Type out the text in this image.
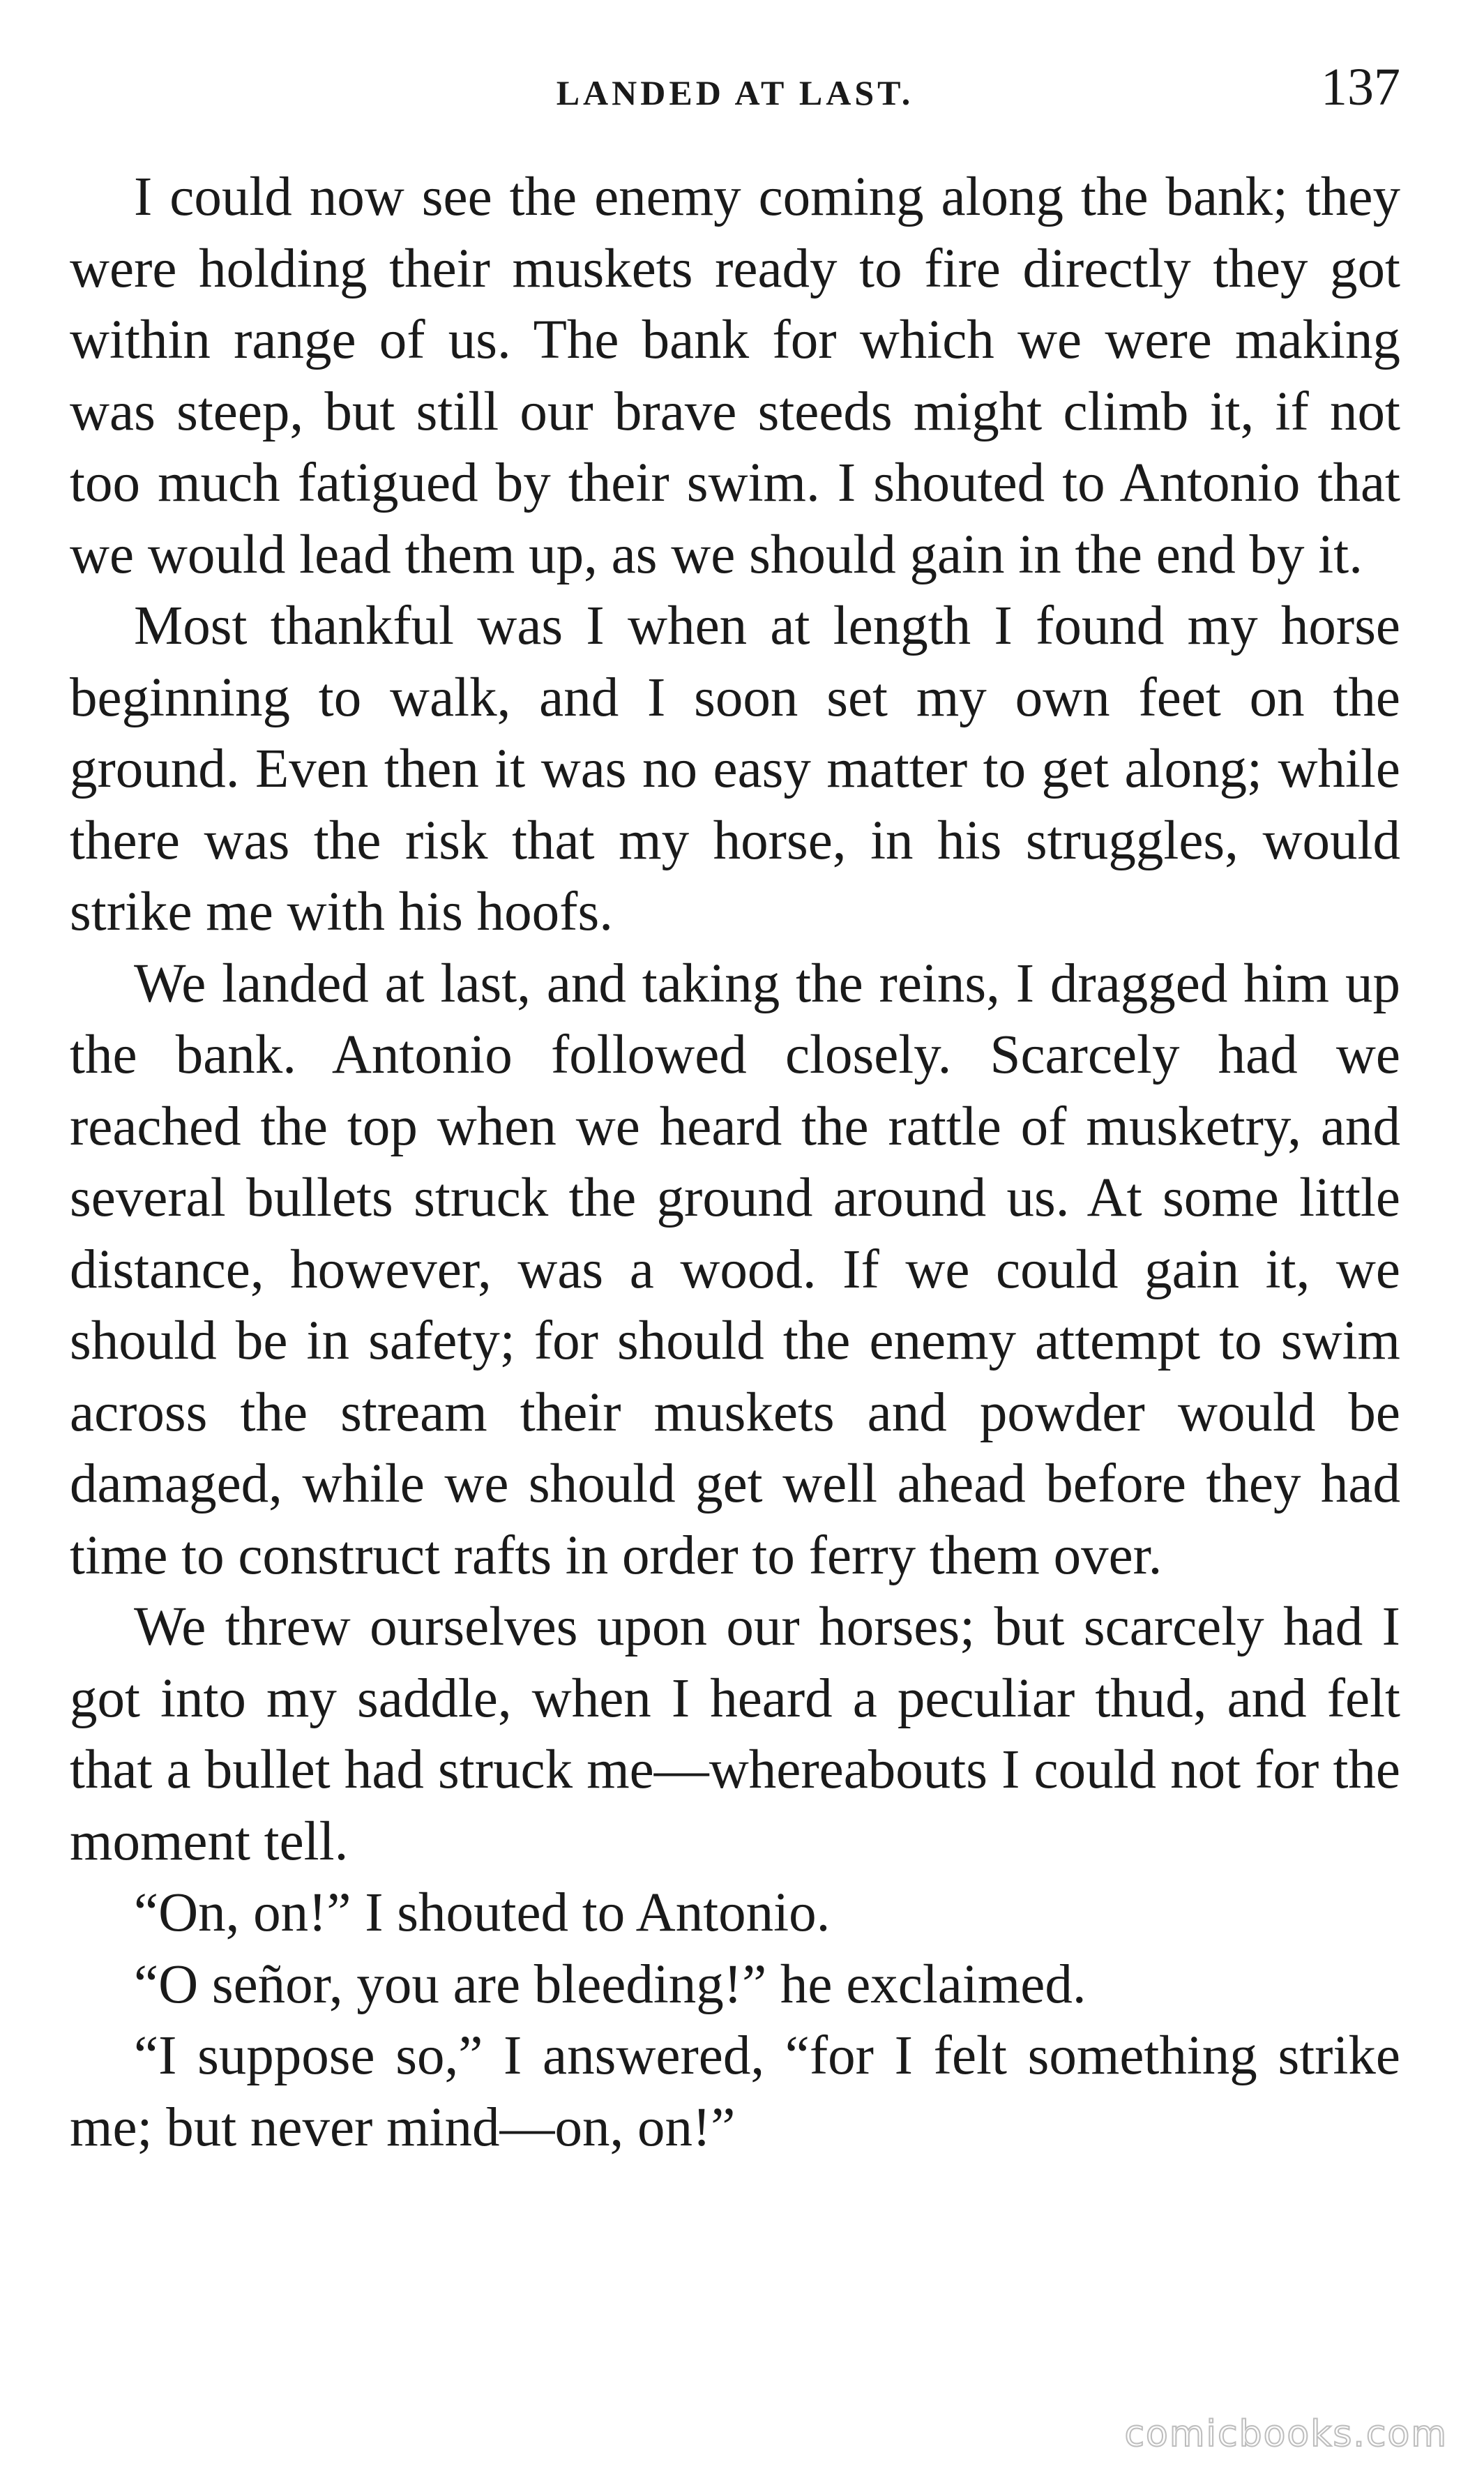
LANDED AT LAST.	137

I could now see the enemy coming along the bank; they were holding their muskets ready to fire directly they got within range of us. The bank for which we were making was steep, but still our brave steeds might climb it, if not too much fatigued by their swim. I shouted to Antonio that we would lead them up, as we should gain in the end by it.

Most thankful was I when at length I found my horse beginning to walk, and I soon set my own feet on the ground. Even then it was no easy matter to get along; while there was the risk that my horse, in his struggles, would strike me with his hoofs.

We landed at last, and taking the reins, I dragged him up the bank. Antonio followed closely. Scarcely had we reached the top when we heard the rattle of musketry, and several bullets struck the ground around us. At some little distance, however, was a wood. If we could gain it, we should be in safety; for should the enemy attempt to swim across the stream their muskets and powder would be damaged, while we should get well ahead before they had time to construct rafts in order to ferry them over.

We threw ourselves upon our horses; but scarcely had I got into my saddle, when I heard a peculiar thud, and felt that a bullet had struck me—whereabouts I could not for the moment tell.

“On, on!” I shouted to Antonio.

“O señor, you are bleeding!” he exclaimed.

“I suppose so,” I answered, “for I felt something strike me; but never mind—on, on!”

comicbooks.com
